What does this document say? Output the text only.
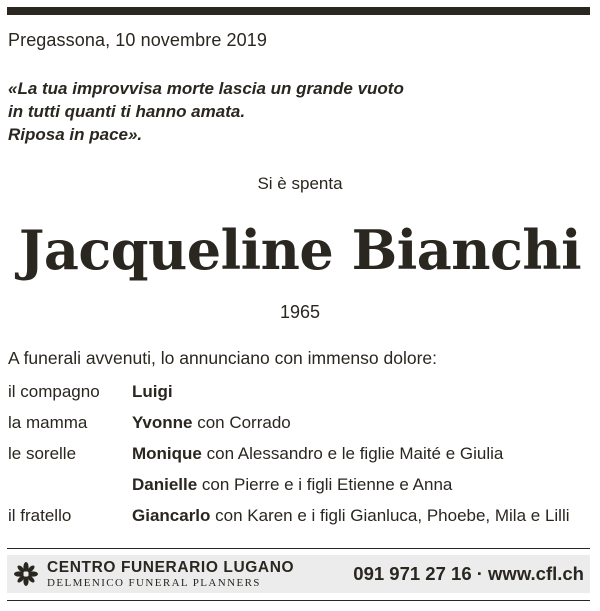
Pregassona, 10 novembre 2019
«La tua improvvisa morte lascia un grande vuoto
in tutti quanti ti hanno amata.
Riposa in pace».
Si è spenta
Jacqueline Bianchi
1965
A funerali avvenuti, lo annunciano con immenso dolore:
il compagno Luigi
la mamma	Yvonne con Corrado
le sorelle	Monique con Alessandro e le figlie Maité e Giulia
Danielle con Pierre e i figli Etienne e Anna
il fratello	Giancarlo con Karen e i figli Gianluca, Phoebe, Mila e Lilli
CENTRO FUNERARIO LUGANO
DELMENICO FUNERAL PLANNERS	091 971 27 16 · www.cfl.ch
